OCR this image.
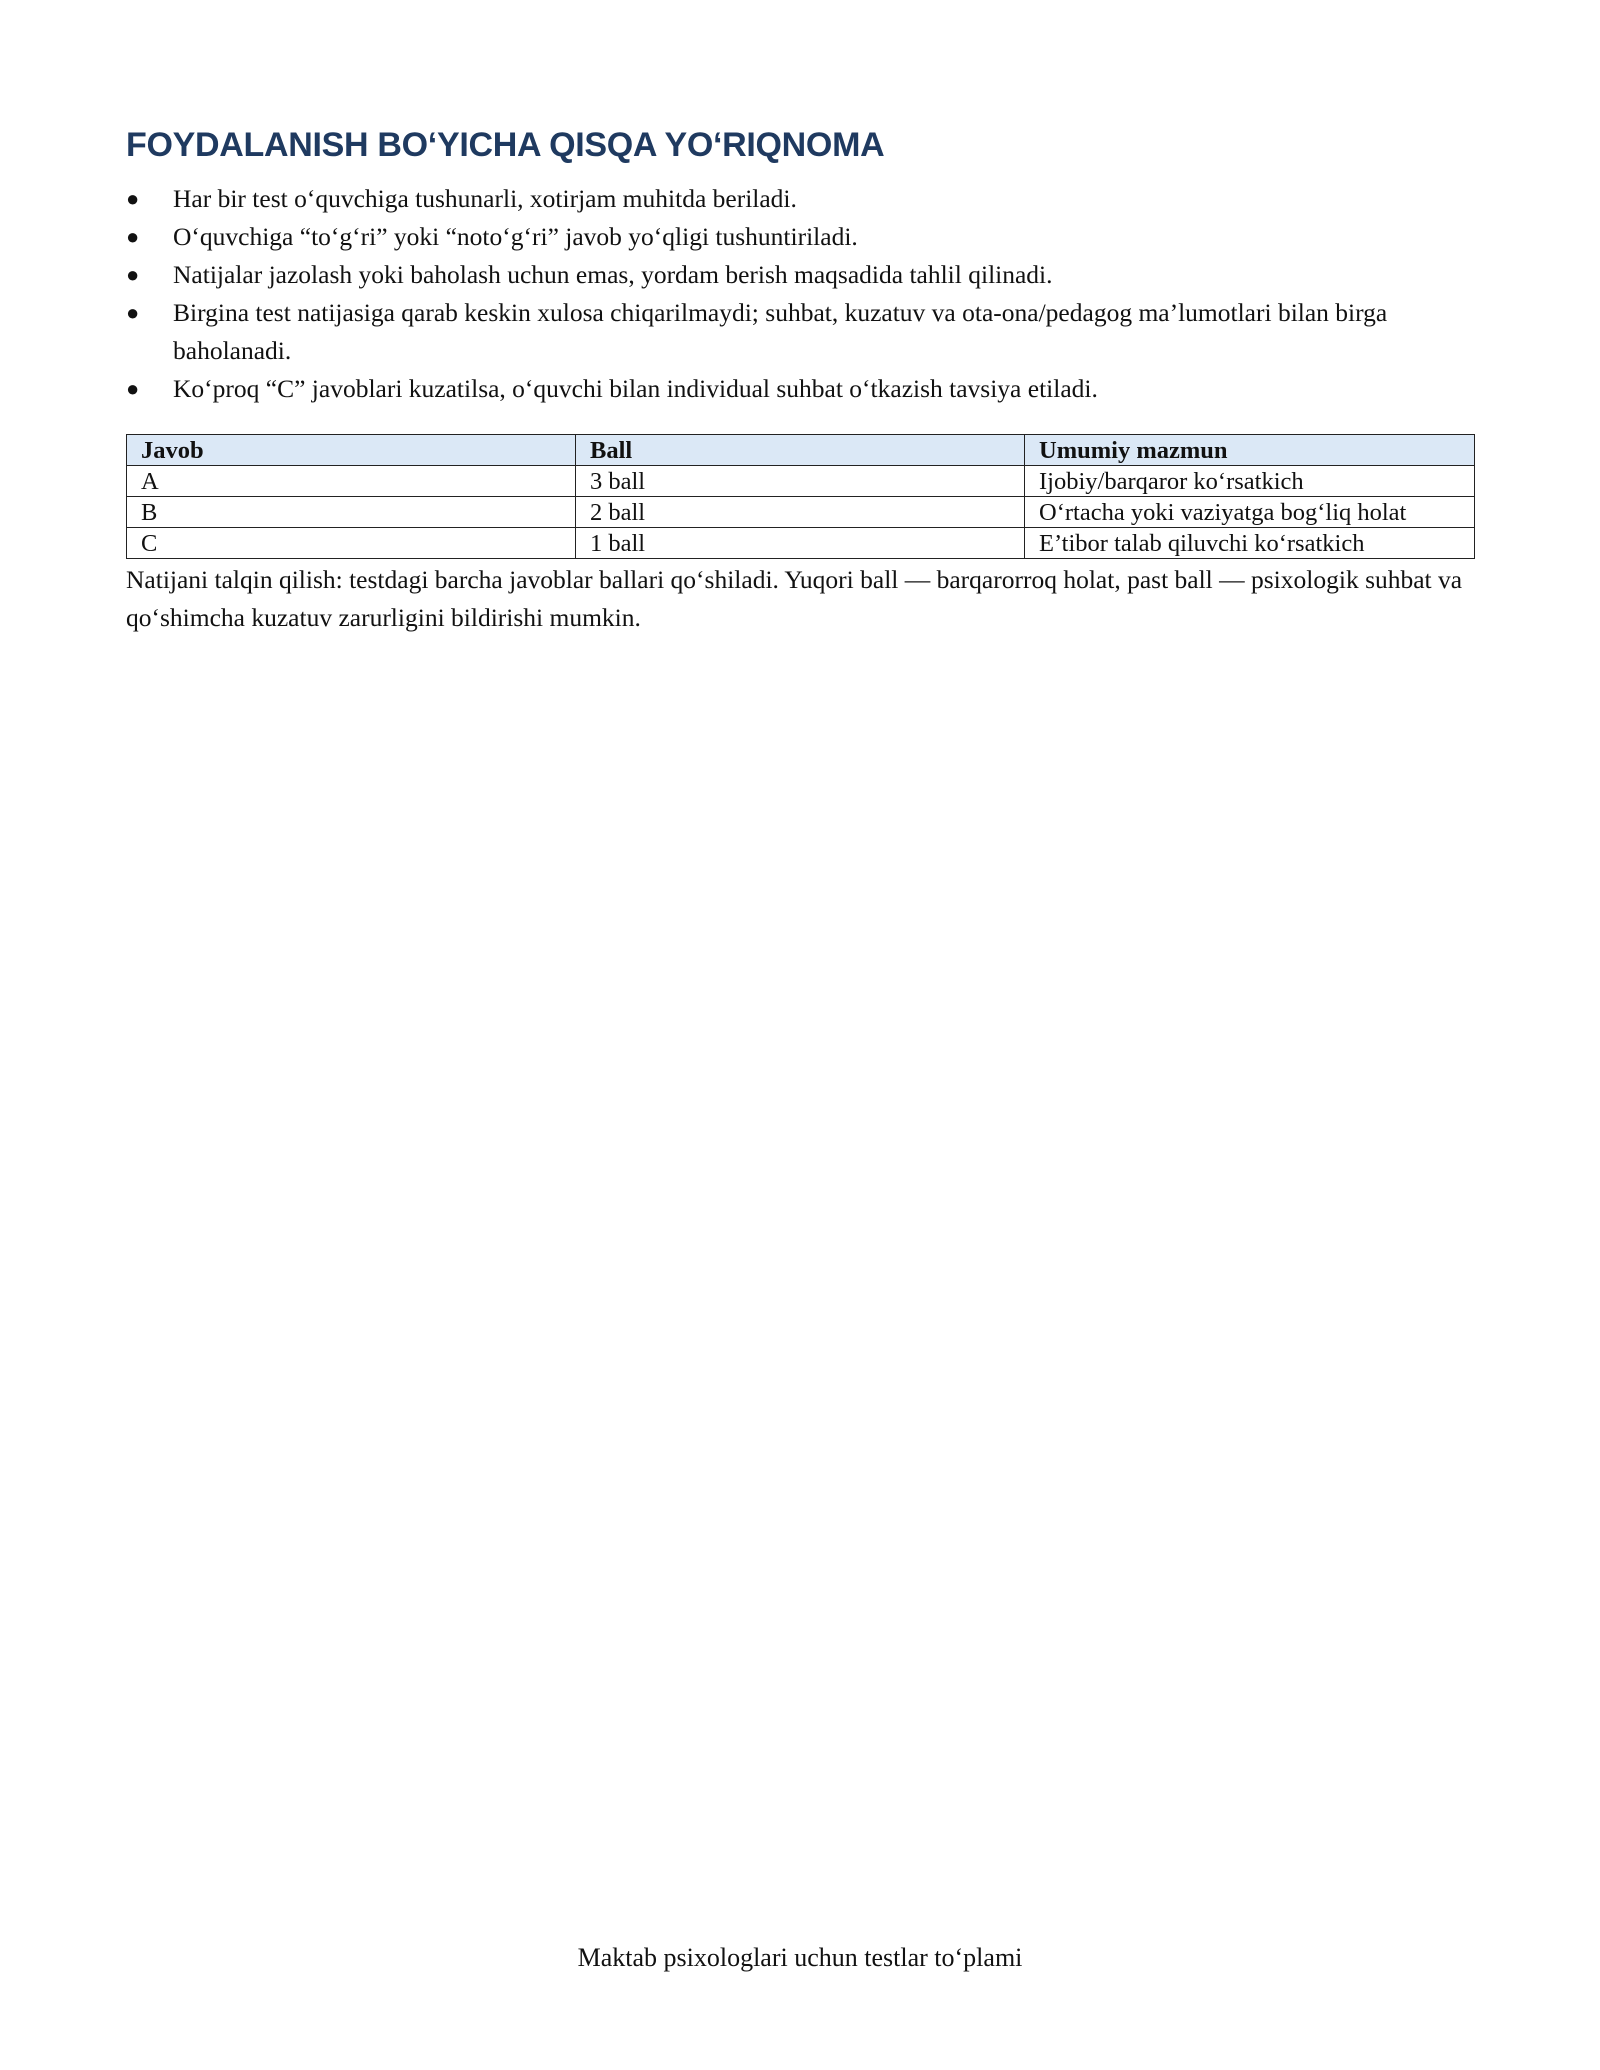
FOYDALANISH BO‘YICHA QISQA YO‘RIQNOMA
● Har bir test o‘quvchiga tushunarli, xotirjam muhitda beriladi.
● O‘quvchiga “to‘g‘ri” yoki “noto‘g‘ri” javob yo‘qligi tushuntiriladi.
● Natijalar jazolash yoki baholash uchun emas, yordam berish maqsadida tahlil qilinadi.
● Birgina test natijasiga qarab keskin xulosa chiqarilmaydi; suhbat, kuzatuv va ota-ona/pedagog ma’lumotlari bilan birga baholanadi.
● Ko‘proq “C” javoblari kuzatilsa, o‘quvchi bilan individual suhbat o‘tkazish tavsiya etiladi.
Javob	Ball	Umumiy mazmun
A	3 ball	Ijobiy/barqaror ko‘rsatkich
B	2 ball	O‘rtacha yoki vaziyatga bog‘liq holat
C	1 ball	E’tibor talab qiluvchi ko‘rsatkich

Natijani talqin qilish: testdagi barcha javoblar ballari qo‘shiladi. Yuqori ball — barqarorroq holat, past ball — psixologik suhbat va qo‘shimcha kuzatuv zarurligini bildirishi mumkin.

Maktab psixologlari uchun testlar to‘plami
